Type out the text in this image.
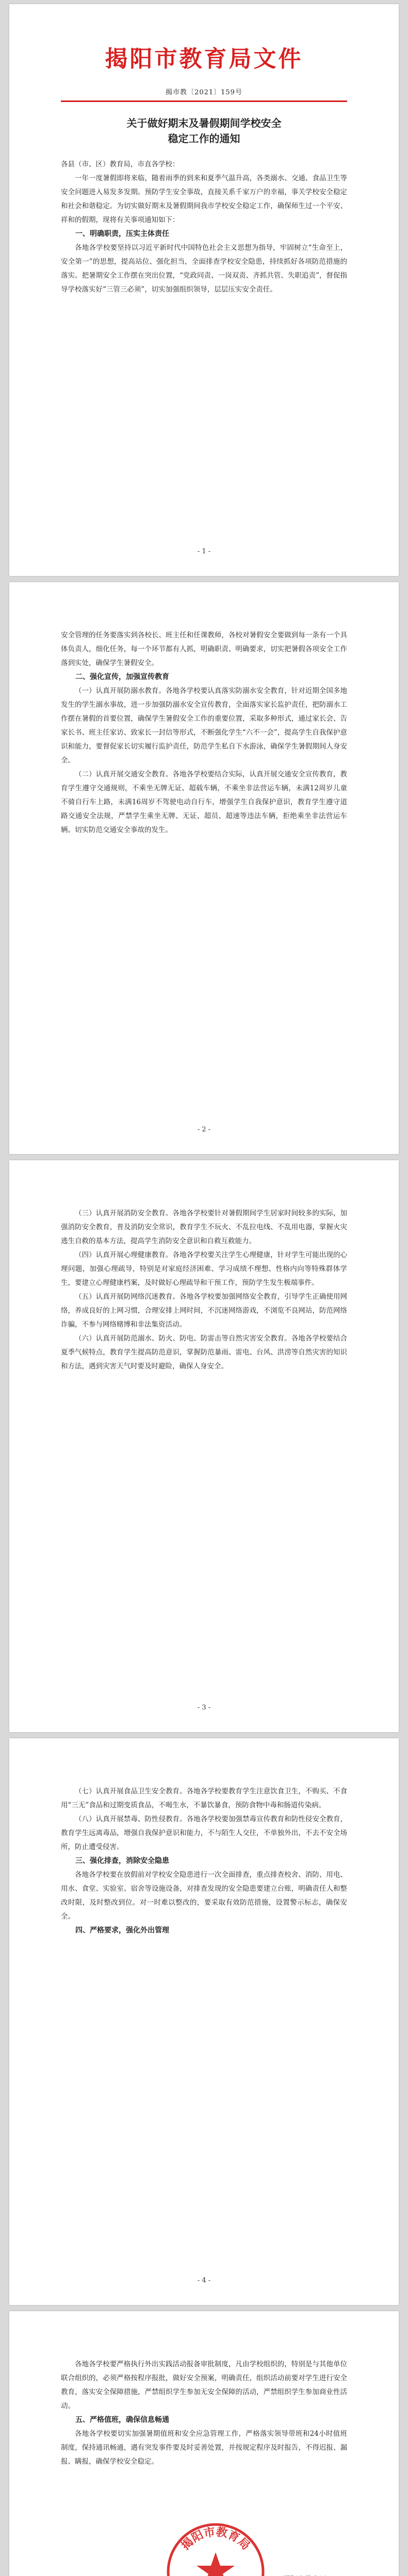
揭阳市教育局文件
揭市教〔2021〕159号
关于做好期末及暑假期间学校安全
稳定工作的通知
各县（市、区）教育局，市直各学校：

一年一度暑假即将来临，随着雨季的到来和夏季气温升高，各类溺水、交通、食品卫生等安全问题进入易发多发期。预防学生安全事故，直接关系千家万户的幸福，事关学校安全稳定和社会和谐稳定。为切实做好期末及暑假期间我市学校安全稳定工作，确保师生过一个平安、祥和的假期，现将有关事项通知如下：

一、明确职责，压实主体责任

各地各学校要坚持以习近平新时代中国特色社会主义思想为指导，牢固树立“生命至上，安全第一”的思想，提高站位、强化担当，全面排查学校安全隐患，持续抓好各项防范措施的落实。把暑期安全工作摆在突出位置，“党政同责、一岗双责、齐抓共管、失职追责”，督促指导学校落实好“三管三必须”，切实加强组织领导，层层压实安全责任。

- 1 -

安全管理的任务要落实到各校长、班主任和任课教师，各校对暑假安全要做到每一条有一个具体负责人，细化任务，每一个环节都有人抓，明确职责、明确要求，切实把暑假各项安全工作落到实处，确保学生暑假安全。

二、强化宣传，加强宣传教育

（一）认真开展防溺水教育。各地各学校要认真落实防溺水安全教育，针对近期全国多地发生的学生溺水事故，进一步加强防溺水安全宣传教育，全面落实家长监护责任，把防溺水工作摆在暑假的首要位置，确保学生暑假安全工作的重要位置，采取多种形式，通过家长会、告家长书、班主任家访、致家长一封信等形式，不断强化学生“六不一会”，提高学生自我保护意识和能力，要督促家长切实履行监护责任，防范学生私自下水游泳，确保学生暑假期间人身安全。

（二）认真开展交通安全教育。各地各学校要结合实际，认真开展交通安全宣传教育，教育学生遵守交通规则，不乘坐无牌无证、超载车辆，不乘坐非法营运车辆，未满12周岁儿童不骑自行车上路，未满16周岁不驾驶电动自行车，增强学生自我保护意识，教育学生遵守道路交通安全法规，严禁学生乘坐无牌、无证、超员、超速等违法车辆，拒绝乘坐非法营运车辆。切实防范交通安全事故的发生。

- 2 -

（三）认真开展消防安全教育。各地各学校要针对暑假期间学生居家时间较多的实际，加强消防安全教育，普及消防安全常识，教育学生不玩火、不乱拉电线、不乱用电器，掌握火灾逃生自救的基本方法，提高学生消防安全意识和自救互救能力。

（四）认真开展心理健康教育。各地各学校要关注学生心理健康，针对学生可能出现的心理问题，加强心理疏导，特别是对家庭经济困难、学习成绩不理想、性格内向等特殊群体学生，要建立心理健康档案，及时做好心理疏导和干预工作，预防学生发生极端事件。

（五）认真开展防网络沉迷教育。各地各学校要加强网络安全教育，引导学生正确使用网络，养成良好的上网习惯，合理安排上网时间，不沉迷网络游戏，不浏览不良网站，防范网络诈骗，不参与网络赌博和非法集资活动。

（六）认真开展防范溺水、防火、防电、防雷击等自然灾害安全教育。各地各学校要结合夏季气候特点，教育学生提高防范意识，掌握防范暴雨、雷电、台风、洪涝等自然灾害的知识和方法，遇到灾害天气时要及时避险，确保人身安全。

- 3 -

（七）认真开展食品卫生安全教育。各地各学校要教育学生注意饮食卫生，不购买、不食用“三无”食品和过期变质食品，不喝生水，不暴饮暴食，预防食物中毒和肠道传染病。

（八）认真开展禁毒、防性侵教育。各地各学校要加强禁毒宣传教育和防性侵安全教育，教育学生远离毒品，增强自我保护意识和能力，不与陌生人交往，不单独外出，不去不安全场所，防止遭受侵害。

三、强化排查，消除安全隐患

各地各学校要在放假前对学校安全隐患进行一次全面排查，重点排查校舍、消防、用电、用水、食堂、实验室、宿舍等设施设备，对排查发现的安全隐患要建立台账，明确责任人和整改时限，及时整改到位。对一时难以整改的，要采取有效防范措施，设置警示标志，确保安全。

四、严格要求，强化外出管理
- 4 -

各地各学校要严格执行外出实践活动报备审批制度，凡由学校组织的，特别是与其他单位联合组织的，必须严格按程序报批，做好安全预案，明确责任，组织活动前要对学生进行安全教育，落实安全保障措施，严禁组织学生参加无安全保障的活动，严禁组织学生参加商业性活动。

五、严格值班，确保信息畅通

各地各学校要切实加强暑期值班和安全应急管理工作，严格落实领导带班和24小时值班制度，保持通讯畅通，遇有突发事件要及时妥善处置，并按规定程序及时报告，不得迟报、漏报、瞒报，确保学校安全稳定。

揭阳市教育局
